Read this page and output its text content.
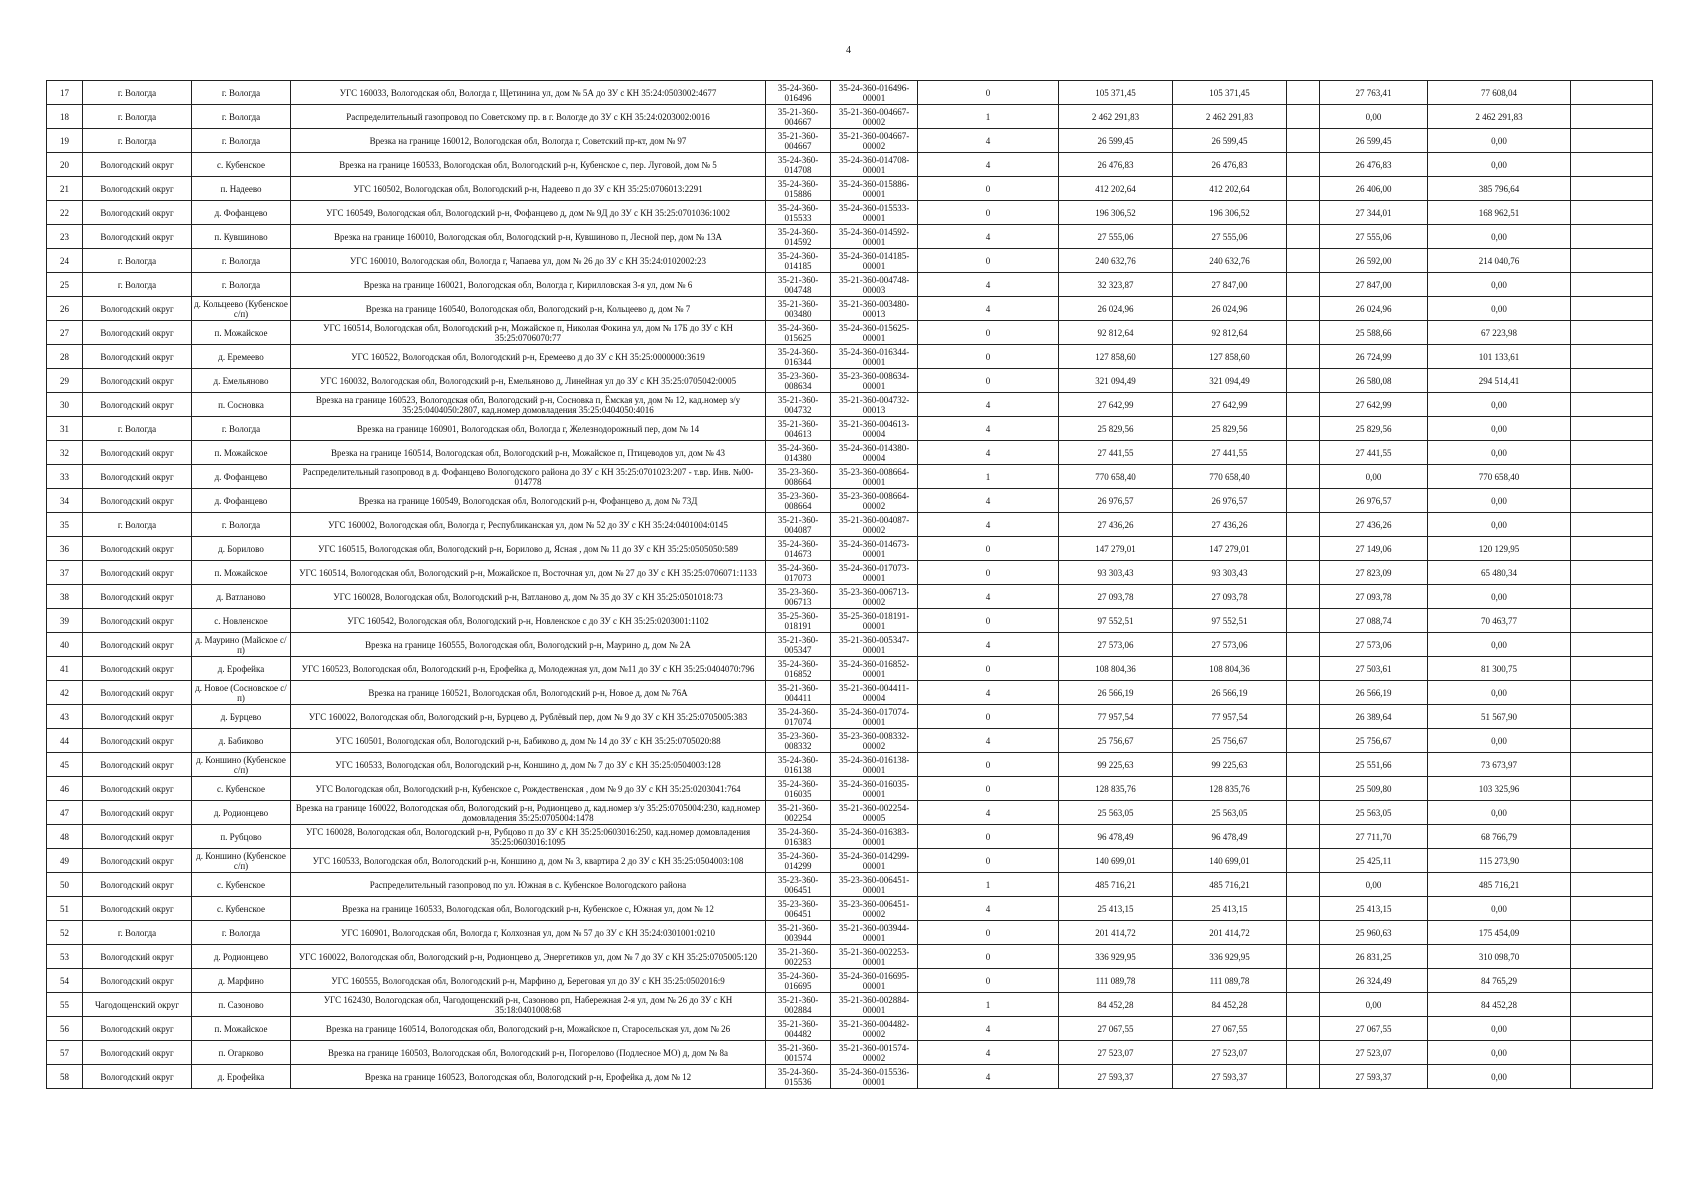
4
17	г. Вологда	г. Вологда	УГС 160033, Вологодская обл, Вологда г, Щетинина ул, дом № 5А до ЗУ с КН 35:24:0503002:4677	35-24-360-016496	35-24-360-016496-00001	0	105 371,45	105 371,45		27 763,41	77 608,04	
18	г. Вологда	г. Вологда	Распределительный газопровод по Советскому пр. в г. Вологде до ЗУ с КН 35:24:0203002:0016	35-21-360-004667	35-21-360-004667-00002	1	2 462 291,83	2 462 291,83		0,00	2 462 291,83	
19	г. Вологда	г. Вологда	Врезка на границе 160012, Вологодская обл, Вологда г, Советский пр-кт, дом № 97	35-21-360-004667	35-21-360-004667-00002	4	26 599,45	26 599,45		26 599,45	0,00	
20	Вологодский округ	с. Кубенское	Врезка на границе 160533, Вологодская обл, Вологодский р-н, Кубенское с, пер. Луговой, дом № 5	35-24-360-014708	35-24-360-014708-00001	4	26 476,83	26 476,83		26 476,83	0,00	
21	Вологодский округ	п. Надеево	УГС 160502, Вологодская обл, Вологодский р-н, Надеево п до ЗУ с КН 35:25:0706013:2291	35-24-360-015886	35-24-360-015886-00001	0	412 202,64	412 202,64		26 406,00	385 796,64	
22	Вологодский округ	д. Фофанцево	УГС 160549, Вологодская обл, Вологодский р-н, Фофанцево д, дом № 9Д до ЗУ с КН 35:25:0701036:1002	35-24-360-015533	35-24-360-015533-00001	0	196 306,52	196 306,52		27 344,01	168 962,51	
23	Вологодский округ	п. Кувшиново	Врезка на границе 160010, Вологодская обл, Вологодский р-н, Кувшиново п, Лесной пер, дом № 13А	35-24-360-014592	35-24-360-014592-00001	4	27 555,06	27 555,06		27 555,06	0,00	
24	г. Вологда	г. Вологда	УГС 160010, Вологодская обл, Вологда г, Чапаева ул, дом № 26 до ЗУ с КН 35:24:0102002:23	35-24-360-014185	35-24-360-014185-00001	0	240 632,76	240 632,76		26 592,00	214 040,76	
25	г. Вологда	г. Вологда	Врезка на границе 160021, Вологодская обл, Вологда г, Кирилловская 3-я ул, дом № 6	35-21-360-004748	35-21-360-004748-00003	4	32 323,87	27 847,00		27 847,00	0,00	
26	Вологодский округ	д. Кольцеево (Кубенское с/п)	Врезка на границе 160540, Вологодская обл, Вологодский р-н, Кольцеево д, дом № 7	35-21-360-003480	35-21-360-003480-00013	4	26 024,96	26 024,96		26 024,96	0,00	
27	Вологодский округ	п. Можайское	УГС 160514, Вологодская обл, Вологодский р-н, Можайское п, Николая Фокина ул, дом № 17Б до ЗУ с КН 35:25:0706070:77	35-24-360-015625	35-24-360-015625-00001	0	92 812,64	92 812,64		25 588,66	67 223,98	
28	Вологодский округ	д. Еремеево	УГС 160522, Вологодская обл, Вологодский р-н, Еремеево д до ЗУ с КН 35:25:0000000:3619	35-24-360-016344	35-24-360-016344-00001	0	127 858,60	127 858,60		26 724,99	101 133,61	
29	Вологодский округ	д. Емельяново	УГС 160032, Вологодская обл, Вологодский р-н, Емельяново д, Линейная ул до ЗУ с КН 35:25:0705042:0005	35-23-360-008634	35-23-360-008634-00001	0	321 094,49	321 094,49		26 580,08	294 514,41	
30	Вологодский округ	п. Сосновка	Врезка на границе 160523, Вологодская обл, Вологодский р-н, Сосновка п, Ёмская ул, дом № 12, кад.номер з/у 35:25:0404050:2807, кад.номер домовладения 35:25:0404050:4016	35-21-360-004732	35-21-360-004732-00013	4	27 642,99	27 642,99		27 642,99	0,00	
31	г. Вологда	г. Вологда	Врезка на границе 160901, Вологодская обл, Вологда г, Железнодорожный пер, дом № 14	35-21-360-004613	35-21-360-004613-00004	4	25 829,56	25 829,56		25 829,56	0,00	
32	Вологодский округ	п. Можайское	Врезка на границе 160514, Вологодская обл, Вологодский р-н, Можайское п, Птицеводов ул, дом № 43	35-24-360-014380	35-24-360-014380-00004	4	27 441,55	27 441,55		27 441,55	0,00	
33	Вологодский округ	д. Фофанцево	Распределительный газопровод в д. Фофанцево Вологодского района до ЗУ с КН 35:25:0701023:207 - т.вр. Инв. №00-014778	35-23-360-008664	35-23-360-008664-00001	1	770 658,40	770 658,40		0,00	770 658,40	
34	Вологодский округ	д. Фофанцево	Врезка на границе 160549, Вологодская обл, Вологодский р-н, Фофанцево д, дом № 73Д	35-23-360-008664	35-23-360-008664-00002	4	26 976,57	26 976,57		26 976,57	0,00	
35	г. Вологда	г. Вологда	УГС 160002, Вологодская обл, Вологда г, Республиканская ул, дом № 52 до ЗУ с КН 35:24:0401004:0145	35-21-360-004087	35-21-360-004087-00002	4	27 436,26	27 436,26		27 436,26	0,00	
36	Вологодский округ	д. Борилово	УГС 160515, Вологодская обл, Вологодский р-н, Борилово д, Ясная , дом № 11 до ЗУ с КН 35:25:0505050:589	35-24-360-014673	35-24-360-014673-00001	0	147 279,01	147 279,01		27 149,06	120 129,95	
37	Вологодский округ	п. Можайское	УГС 160514, Вологодская обл, Вологодский р-н, Можайское п, Восточная ул, дом № 27 до ЗУ с КН 35:25:0706071:1133	35-24-360-017073	35-24-360-017073-00001	0	93 303,43	93 303,43		27 823,09	65 480,34	
38	Вологодский округ	д. Ватланово	УГС 160028, Вологодская обл, Вологодский р-н, Ватланово д, дом № 35 до ЗУ с КН 35:25:0501018:73	35-23-360-006713	35-23-360-006713-00002	4	27 093,78	27 093,78		27 093,78	0,00	
39	Вологодский округ	с. Новленское	УГС 160542, Вологодская обл, Вологодский р-н, Новленское с до ЗУ с КН 35:25:0203001:1102	35-25-360-018191	35-25-360-018191-00001	0	97 552,51	97 552,51		27 088,74	70 463,77	
40	Вологодский округ	д. Маурино (Майское с/п)	Врезка на границе 160555, Вологодская обл, Вологодский р-н, Маурино д, дом № 2А	35-21-360-005347	35-21-360-005347-00001	4	27 573,06	27 573,06		27 573,06	0,00	
41	Вологодский округ	д. Ерофейка	УГС 160523, Вологодская обл, Вологодский р-н, Ерофейка д, Молодежная ул, дом №11 до ЗУ с КН 35:25:0404070:796	35-24-360-016852	35-24-360-016852-00001	0	108 804,36	108 804,36		27 503,61	81 300,75	
42	Вологодский округ	д. Новое (Сосновское с/п)	Врезка на границе 160521, Вологодская обл, Вологодский р-н, Новое д, дом № 76А	35-21-360-004411	35-21-360-004411-00004	4	26 566,19	26 566,19		26 566,19	0,00	
43	Вологодский округ	д. Бурцево	УГС 160022, Вологодская обл, Вологодский р-н, Бурцево д, Рублёвый пер, дом № 9 до ЗУ с КН 35:25:0705005:383	35-24-360-017074	35-24-360-017074-00001	0	77 957,54	77 957,54		26 389,64	51 567,90	
44	Вологодский округ	д. Бабиково	УГС 160501, Вологодская обл, Вологодский р-н, Бабиково д, дом № 14 до ЗУ с КН 35:25:0705020:88	35-23-360-008332	35-23-360-008332-00002	4	25 756,67	25 756,67		25 756,67	0,00	
45	Вологодский округ	д. Коншино (Кубенское с/п)	УГС 160533, Вологодская обл, Вологодский р-н, Коншино д, дом № 7 до ЗУ с КН 35:25:0504003:128	35-24-360-016138	35-24-360-016138-00001	0	99 225,63	99 225,63		25 551,66	73 673,97	
46	Вологодский округ	с. Кубенское	УГС Вологодская обл, Вологодский р-н, Кубенское с, Рождественская , дом № 9 до ЗУ с КН 35:25:0203041:764	35-24-360-016035	35-24-360-016035-00001	0	128 835,76	128 835,76		25 509,80	103 325,96	
47	Вологодский округ	д. Родионцево	Врезка на границе 160022, Вологодская обл, Вологодский р-н, Родионцево д, кад.номер з/у 35:25:0705004:230, кад.номер домовладения 35:25:0705004:1478	35-21-360-002254	35-21-360-002254-00005	4	25 563,05	25 563,05		25 563,05	0,00	
48	Вологодский округ	п. Рубцово	УГС 160028, Вологодская обл, Вологодский р-н, Рубцово п до ЗУ с КН 35:25:0603016:250, кад.номер домовладения 35:25:0603016:1095	35-24-360-016383	35-24-360-016383-00001	0	96 478,49	96 478,49		27 711,70	68 766,79	
49	Вологодский округ	д. Коншино (Кубенское с/п)	УГС 160533, Вологодская обл, Вологодский р-н, Коншино д, дом № 3, квартира 2 до ЗУ с КН 35:25:0504003:108	35-24-360-014299	35-24-360-014299-00001	0	140 699,01	140 699,01		25 425,11	115 273,90	
50	Вологодский округ	с. Кубенское	Распределительный газопровод по ул. Южная в с. Кубенское Вологодского района	35-23-360-006451	35-23-360-006451-00001	1	485 716,21	485 716,21		0,00	485 716,21	
51	Вологодский округ	с. Кубенское	Врезка на границе 160533, Вологодская обл, Вологодский р-н, Кубенское с, Южная ул, дом № 12	35-23-360-006451	35-23-360-006451-00002	4	25 413,15	25 413,15		25 413,15	0,00	
52	г. Вологда	г. Вологда	УГС 160901, Вологодская обл, Вологда г, Колхозная ул, дом № 57 до ЗУ с КН 35:24:0301001:0210	35-21-360-003944	35-21-360-003944-00001	0	201 414,72	201 414,72		25 960,63	175 454,09	
53	Вологодский округ	д. Родионцево	УГС 160022, Вологодская обл, Вологодский р-н, Родионцево д, Энергетиков ул, дом № 7 до ЗУ с КН 35:25:0705005:120	35-21-360-002253	35-21-360-002253-00001	0	336 929,95	336 929,95		26 831,25	310 098,70	
54	Вологодский округ	д. Марфино	УГС 160555, Вологодская обл, Вологодский р-н, Марфино д, Береговая ул до ЗУ с КН 35:25:0502016:9	35-24-360-016695	35-24-360-016695-00001	0	111 089,78	111 089,78		26 324,49	84 765,29	
55	Чагодощенский округ	п. Сазоново	УГС 162430, Вологодская обл, Чагодощенский р-н, Сазоново рп, Набережная 2-я ул, дом № 26 до ЗУ с КН 35:18:0401008:68	35-21-360-002884	35-21-360-002884-00001	1	84 452,28	84 452,28		0,00	84 452,28	
56	Вологодский округ	п. Можайское	Врезка на границе 160514, Вологодская обл, Вологодский р-н, Можайское п, Старосельская ул, дом № 26	35-21-360-004482	35-21-360-004482-00002	4	27 067,55	27 067,55		27 067,55	0,00	
57	Вологодский округ	п. Огарково	Врезка на границе 160503, Вологодская обл, Вологодский р-н, Погорелово (Подлесное МО) д, дом № 8а	35-21-360-001574	35-21-360-001574-00002	4	27 523,07	27 523,07		27 523,07	0,00	
58	Вологодский округ	д. Ерофейка	Врезка на границе 160523, Вологодская обл, Вологодский р-н, Ерофейка д, дом № 12	35-24-360-015536	35-24-360-015536-00001	4	27 593,37	27 593,37		27 593,37	0,00	
